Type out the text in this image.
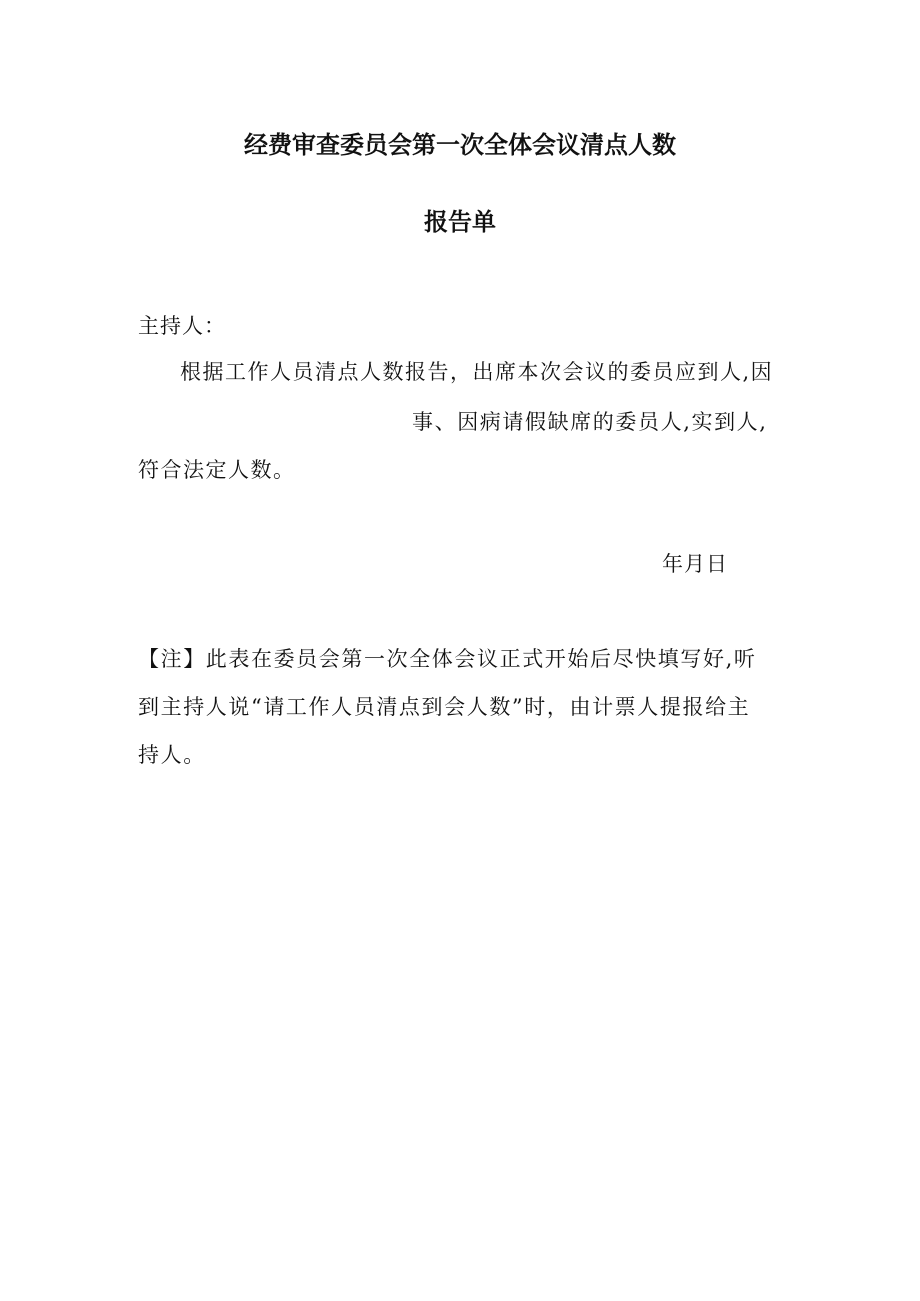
经费审查委员会第一次全体会议清点人数
报告单
主持人：
根据工作人员清点人数报告，出席本次会议的委员应到人,因
事、因病请假缺席的委员人,实到人,
符合法定人数。
年月日
【注】此表在委员会第一次全体会议正式开始后尽快填写好,听
到主持人说“请工作人员清点到会人数”时，由计票人提报给主
持人。
